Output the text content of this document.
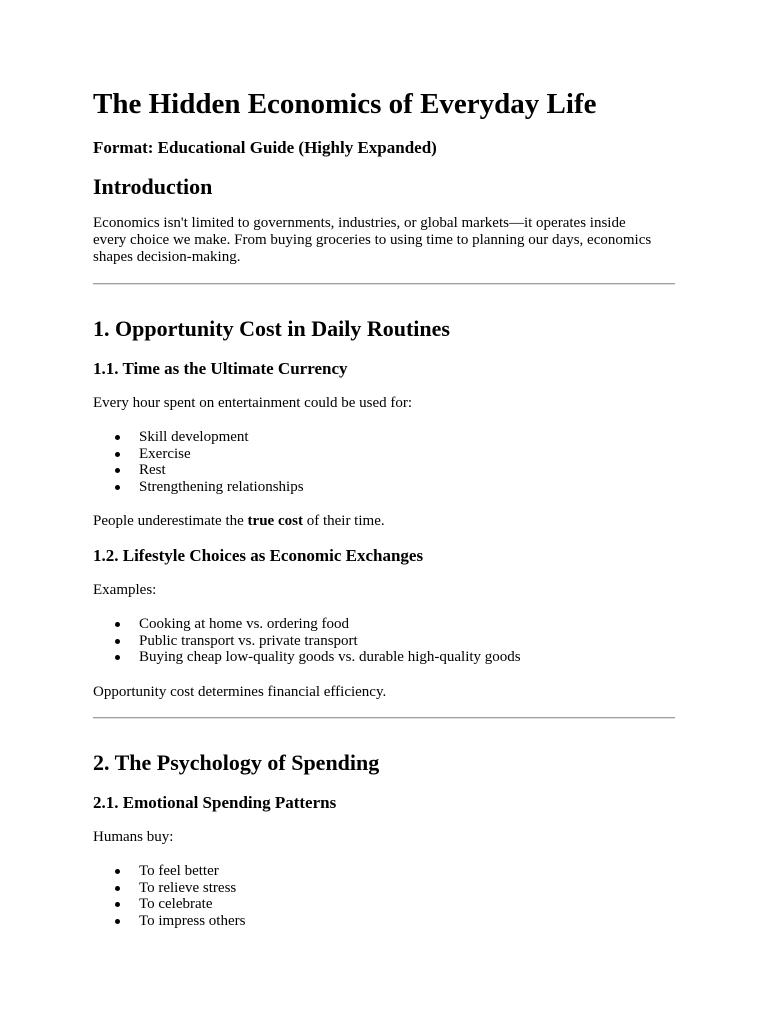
The Hidden Economics of Everyday Life

Format: Educational Guide (Highly Expanded)

Introduction

Economics isn't limited to governments, industries, or global markets—it operates inside

every choice we make. From buying groceries to using time to planning our days, economics

shapes decision-making.

1. Opportunity Cost in Daily Routines
1.1. Time as the Ultimate Currency

Every hour spent on entertainment could be used for:

Skill development
Exercise
Rest
Strengthening relationships

People underestimate the true cost of their time.

1.2. Lifestyle Choices as Economic Exchanges

Examples:

Cooking at home vs. ordering food
Public transport vs. private transport
Buying cheap low-quality goods vs. durable high-quality goods

Opportunity cost determines financial efficiency.

2. The Psychology of Spending
2.1. Emotional Spending Patterns

Humans buy:

To feel better
To relieve stress
To celebrate
To impress others
